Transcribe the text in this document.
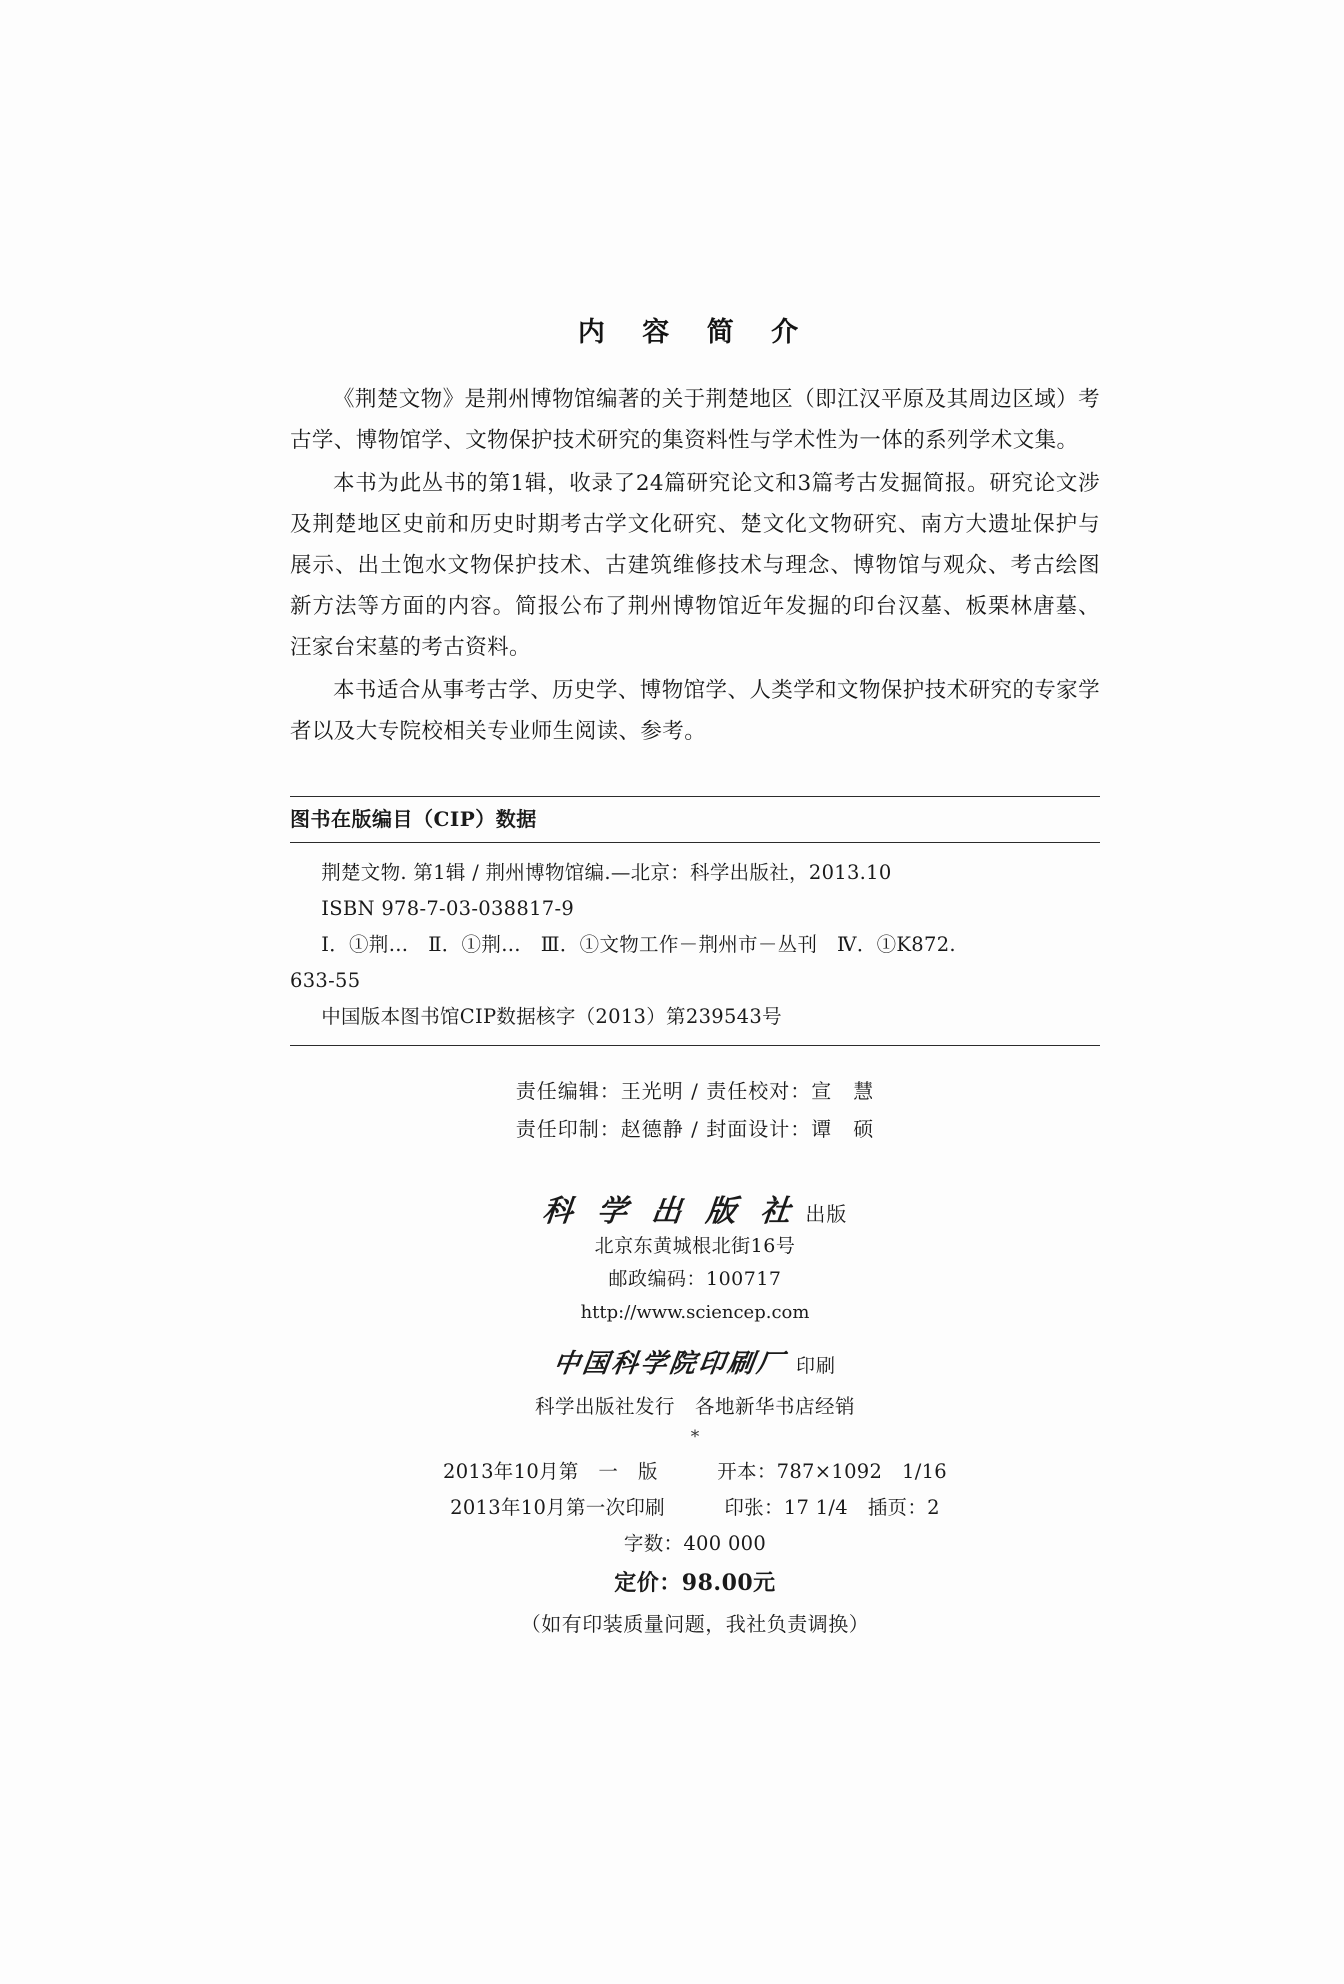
内 容 简 介

《荆楚文物》是荆州博物馆编著的关于荆楚地区（即江汉平原及其周边区域）考古学、博物馆学、文物保护技术研究的集资料性与学术性为一体的系列学术文集。

本书为此丛书的第1辑，收录了24篇研究论文和3篇考古发掘简报。研究论文涉及荆楚地区史前和历史时期考古学文化研究、楚文化文物研究、南方大遗址保护与展示、出土饱水文物保护技术、古建筑维修技术与理念、博物馆与观众、考古绘图新方法等方面的内容。简报公布了荆州博物馆近年发掘的印台汉墓、板栗林唐墓、汪家台宋墓的考古资料。

本书适合从事考古学、历史学、博物馆学、人类学和文物保护技术研究的专家学者以及大专院校相关专业师生阅读、参考。

图书在版编目（CIP）数据
荆楚文物. 第1辑 / 荆州博物馆编.—北京：科学出版社，2013.10
ISBN 978-7-03-038817-9
Ⅰ．①荆…　Ⅱ．①荆…　Ⅲ．①文物工作－荆州市－丛刊　Ⅳ．①K872.
633-55
中国版本图书馆CIP数据核字（2013）第239543号
责任编辑：王光明 / 责任校对：宣　慧
责任印制：赵德静 / 封面设计：谭　硕
科 学 出 版 社 出版
北京东黄城根北街16号
邮政编码：100717
http://www.sciencep.com
中国科学院印刷厂 印刷
科学出版社发行　各地新华书店经销
*
2013年10月第　一　版　　　开本：787×1092　1/16
2013年10月第一次印刷　　　印张：17 1/4　插页：2
字数：400 000
定价：98.00元
（如有印装质量问题，我社负责调换）
